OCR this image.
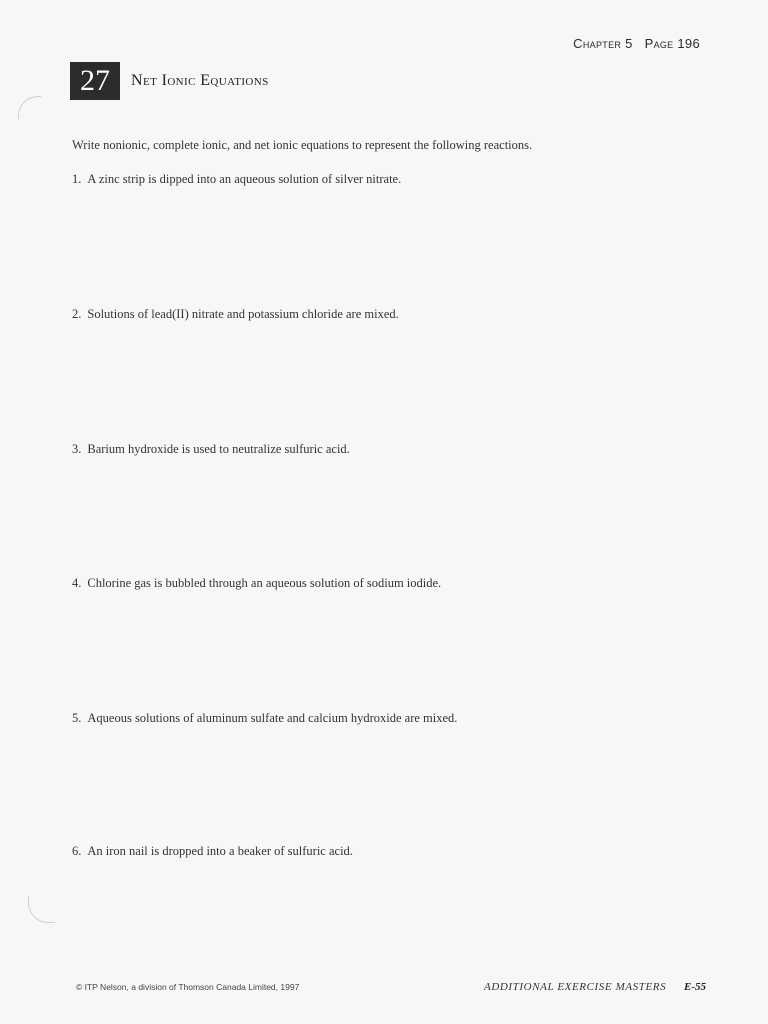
Chapter 5 Page 196
27	Net Ionic Equations
Write nonionic, complete ionic, and net ionic equations to represent the following reactions.
1. A zinc strip is dipped into an aqueous solution of silver nitrate.
2. Solutions of lead(II) nitrate and potassium chloride are mixed.
3. Barium hydroxide is used to neutralize sulfuric acid.
4. Chlorine gas is bubbled through an aqueous solution of sodium iodide.
5. Aqueous solutions of aluminum sulfate and calcium hydroxide are mixed.
6. An iron nail is dropped into a beaker of sulfuric acid.
© ITP Nelson, a division of Thomson Canada Limited, 1997	ADDITIONAL EXERCISE MASTERS E-55
